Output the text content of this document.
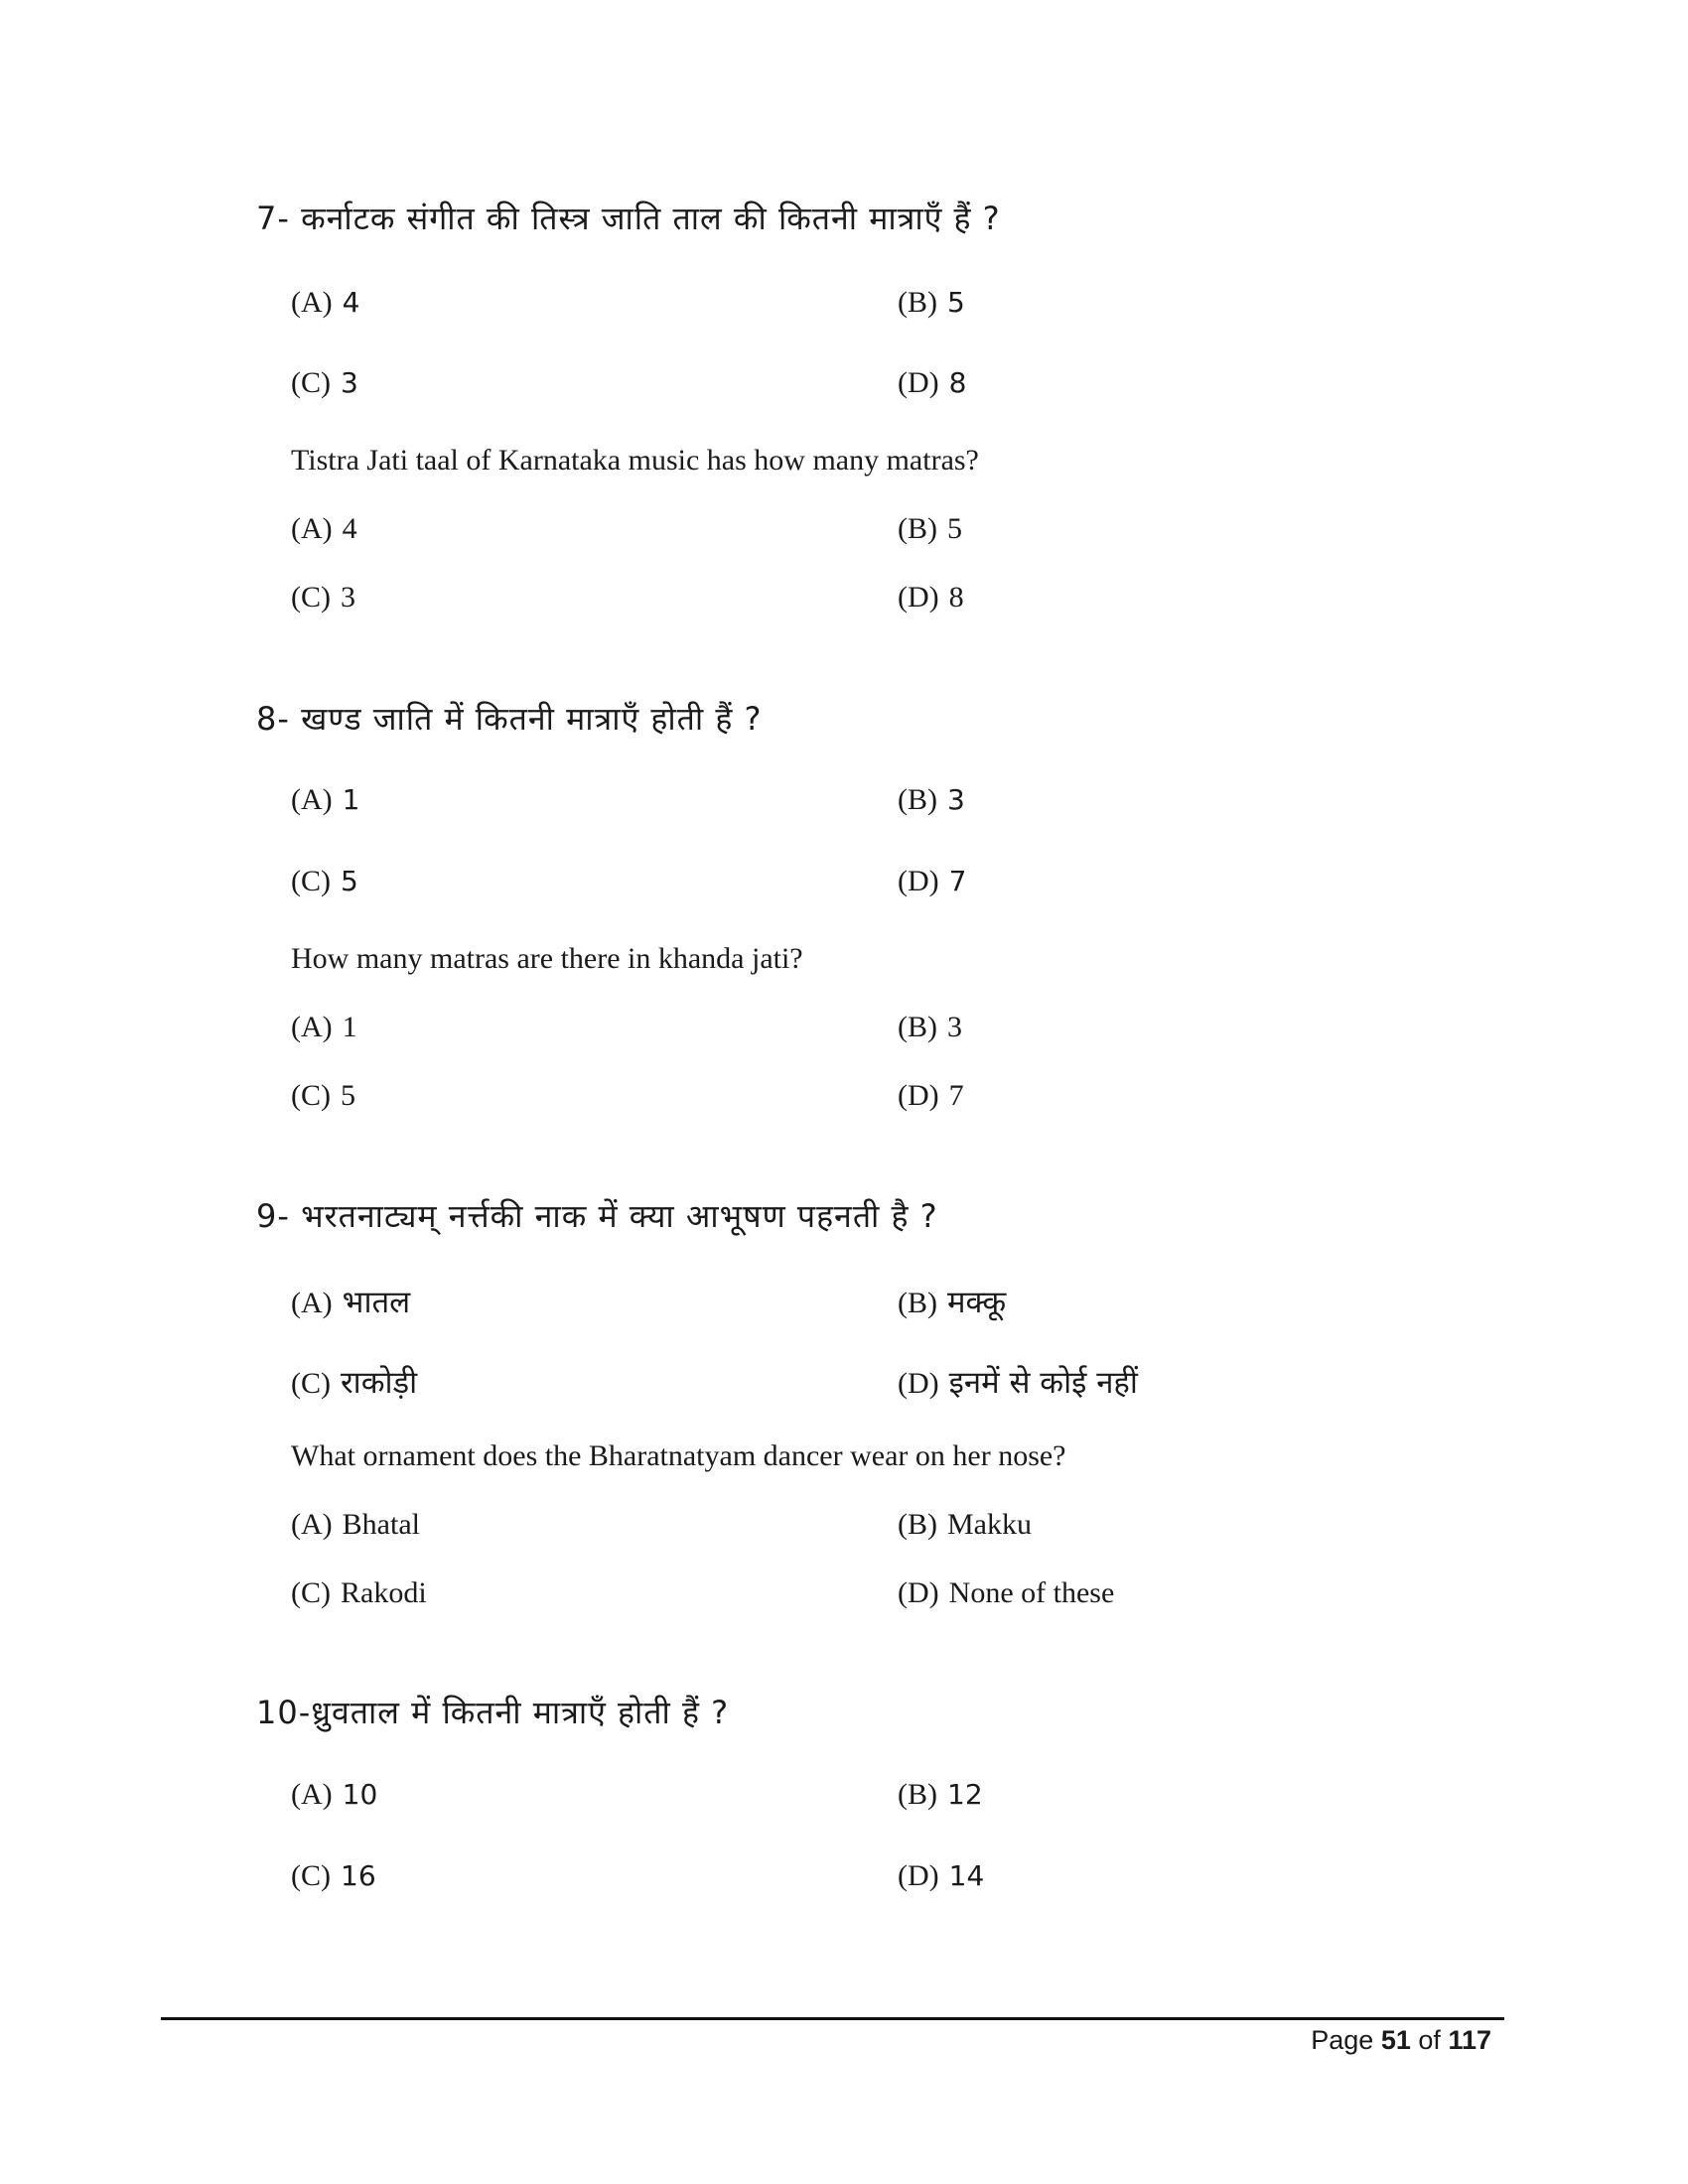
7- कर्नाटक संगीत की तिस्त्र जाति ताल की कितनी मात्राएँ हैं ?
(A) 4	(B) 5
(C) 3	(D) 8
Tistra Jati taal of Karnataka music has how many matras?
(A) 4	(B) 5
(C) 3	(D) 8
8- खण्ड जाति में कितनी मात्राएँ होती हैं ?
(A) 1	(B) 3
(C) 5	(D) 7
How many matras are there in khanda jati?
(A) 1	(B) 3
(C) 5	(D) 7
9- भरतनाट्यम् नर्त्तकी नाक में क्या आभूषण पहनती है ?
(A) भातल	(B) मक्कू
(C) राकोड़ी	(D) इनमें से कोई नहीं
What ornament does the Bharatnatyam dancer wear on her nose?
(A) Bhatal	(B) Makku
(C) Rakodi	(D) None of these
10-ध्रुवताल में कितनी मात्राएँ होती हैं ?
(A) 10	(B) 12
(C) 16	(D) 14
Page 51 of 117
